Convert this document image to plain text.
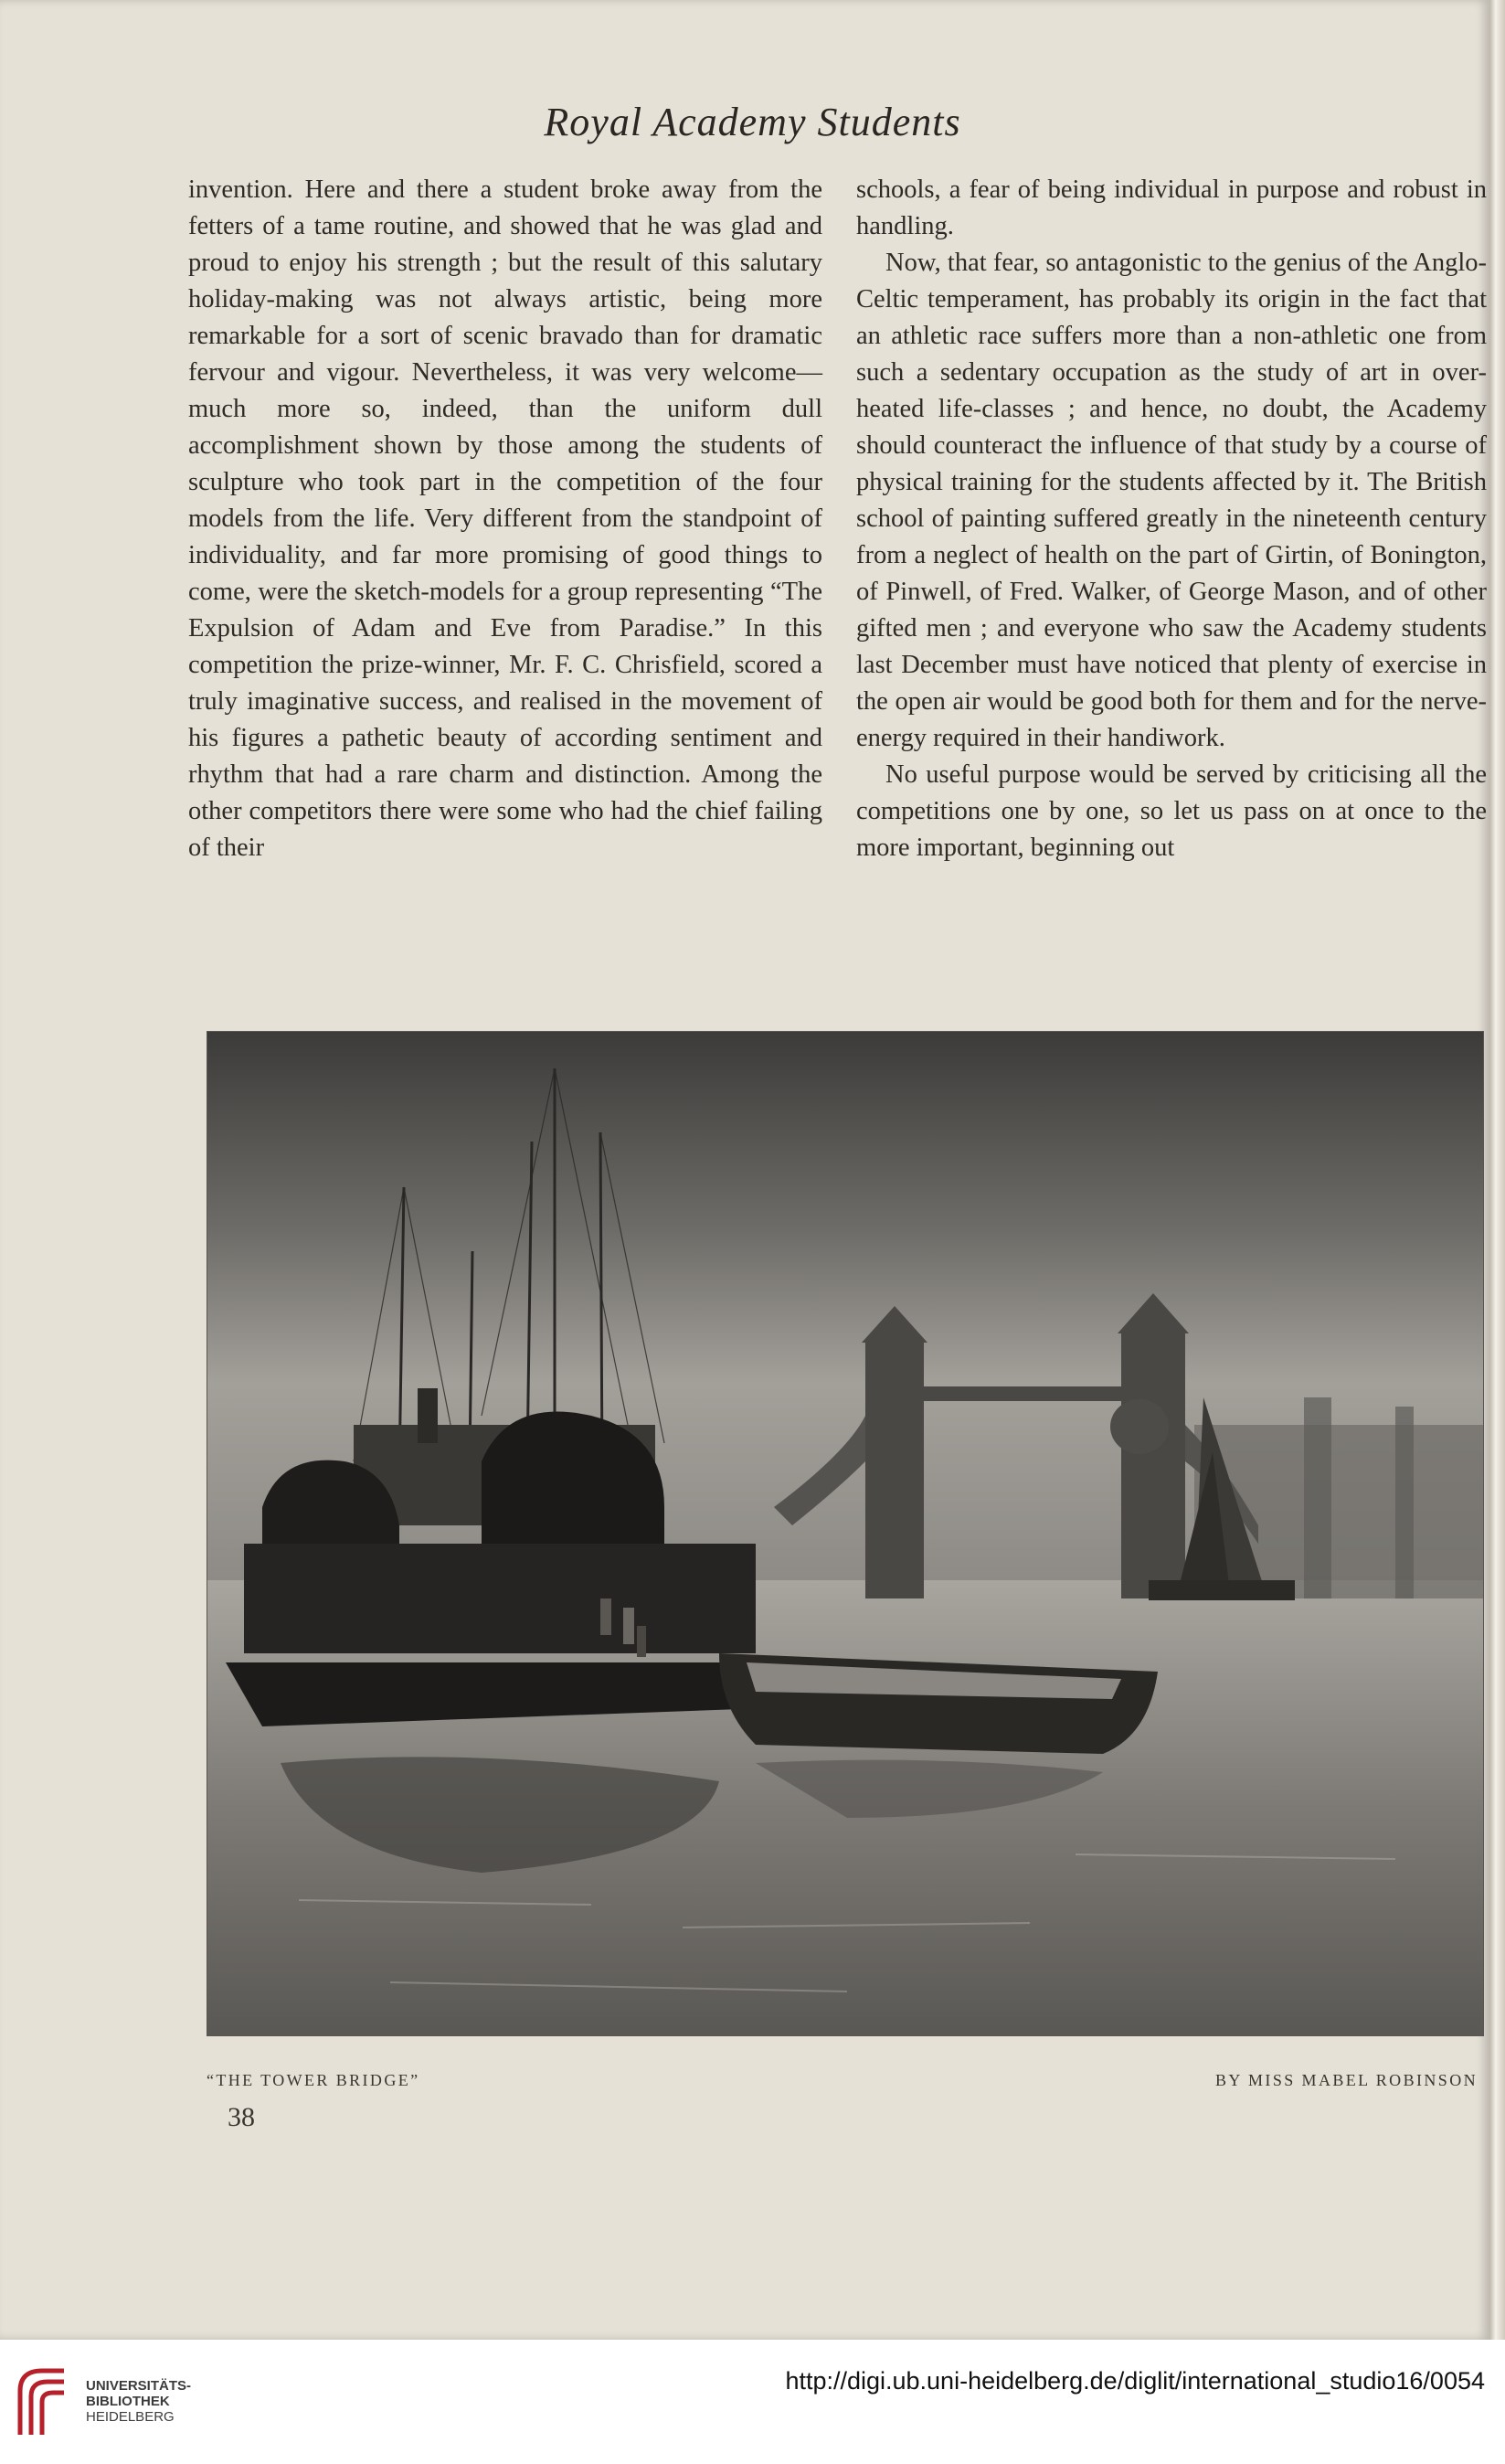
Royal Academy Students

invention. Here and there a student broke away from the fetters of a tame routine, and showed that he was glad and proud to enjoy his strength ; but the result of this salutary holiday-making was not always artistic, being more remarkable for a sort of scenic bravado than for dramatic fervour and vigour. Nevertheless, it was very welcome—much more so, indeed, than the uniform dull accomplishment shown by those among the students of sculpture who took part in the competition of the four models from the life. Very different from the standpoint of individuality, and far more promising of good things to come, were the sketch-models for a group representing “The Expulsion of Adam and Eve from Paradise.” In this competition the prize-winner, Mr. F. C. Chrisfield, scored a truly imaginative success, and realised in the movement of his figures a pathetic beauty of according sentiment and rhythm that had a rare charm and distinction. Among the other competitors there were some who had the chief failing of their

schools, a fear of being individual in purpose and robust in handling.

Now, that fear, so antagonistic to the genius of the Anglo-Celtic temperament, has probably its origin in the fact that an athletic race suffers more than a non-athletic one from such a sedentary occupation as the study of art in over-heated life-classes ; and hence, no doubt, the Academy should counteract the influence of that study by a course of physical training for the students affected by it. The British school of painting suffered greatly in the nineteenth century from a neglect of health on the part of Girtin, of Bonington, of Pinwell, of Fred. Walker, of George Mason, and of other gifted men ; and everyone who saw the Academy students last December must have noticed that plenty of exercise in the open air would be good both for them and for the nerve-energy required in their handiwork.

No useful purpose would be served by criticising all the competitions one by one, so let us pass on at once to the more important, beginning out

“THE TOWER BRIDGE”	BY MISS MABEL ROBINSON
38
UNIVERSITÄTS-
BIBLIOTHEK
HEIDELBERG
http://digi.ub.uni-heidelberg.de/diglit/international_studio16/0054
